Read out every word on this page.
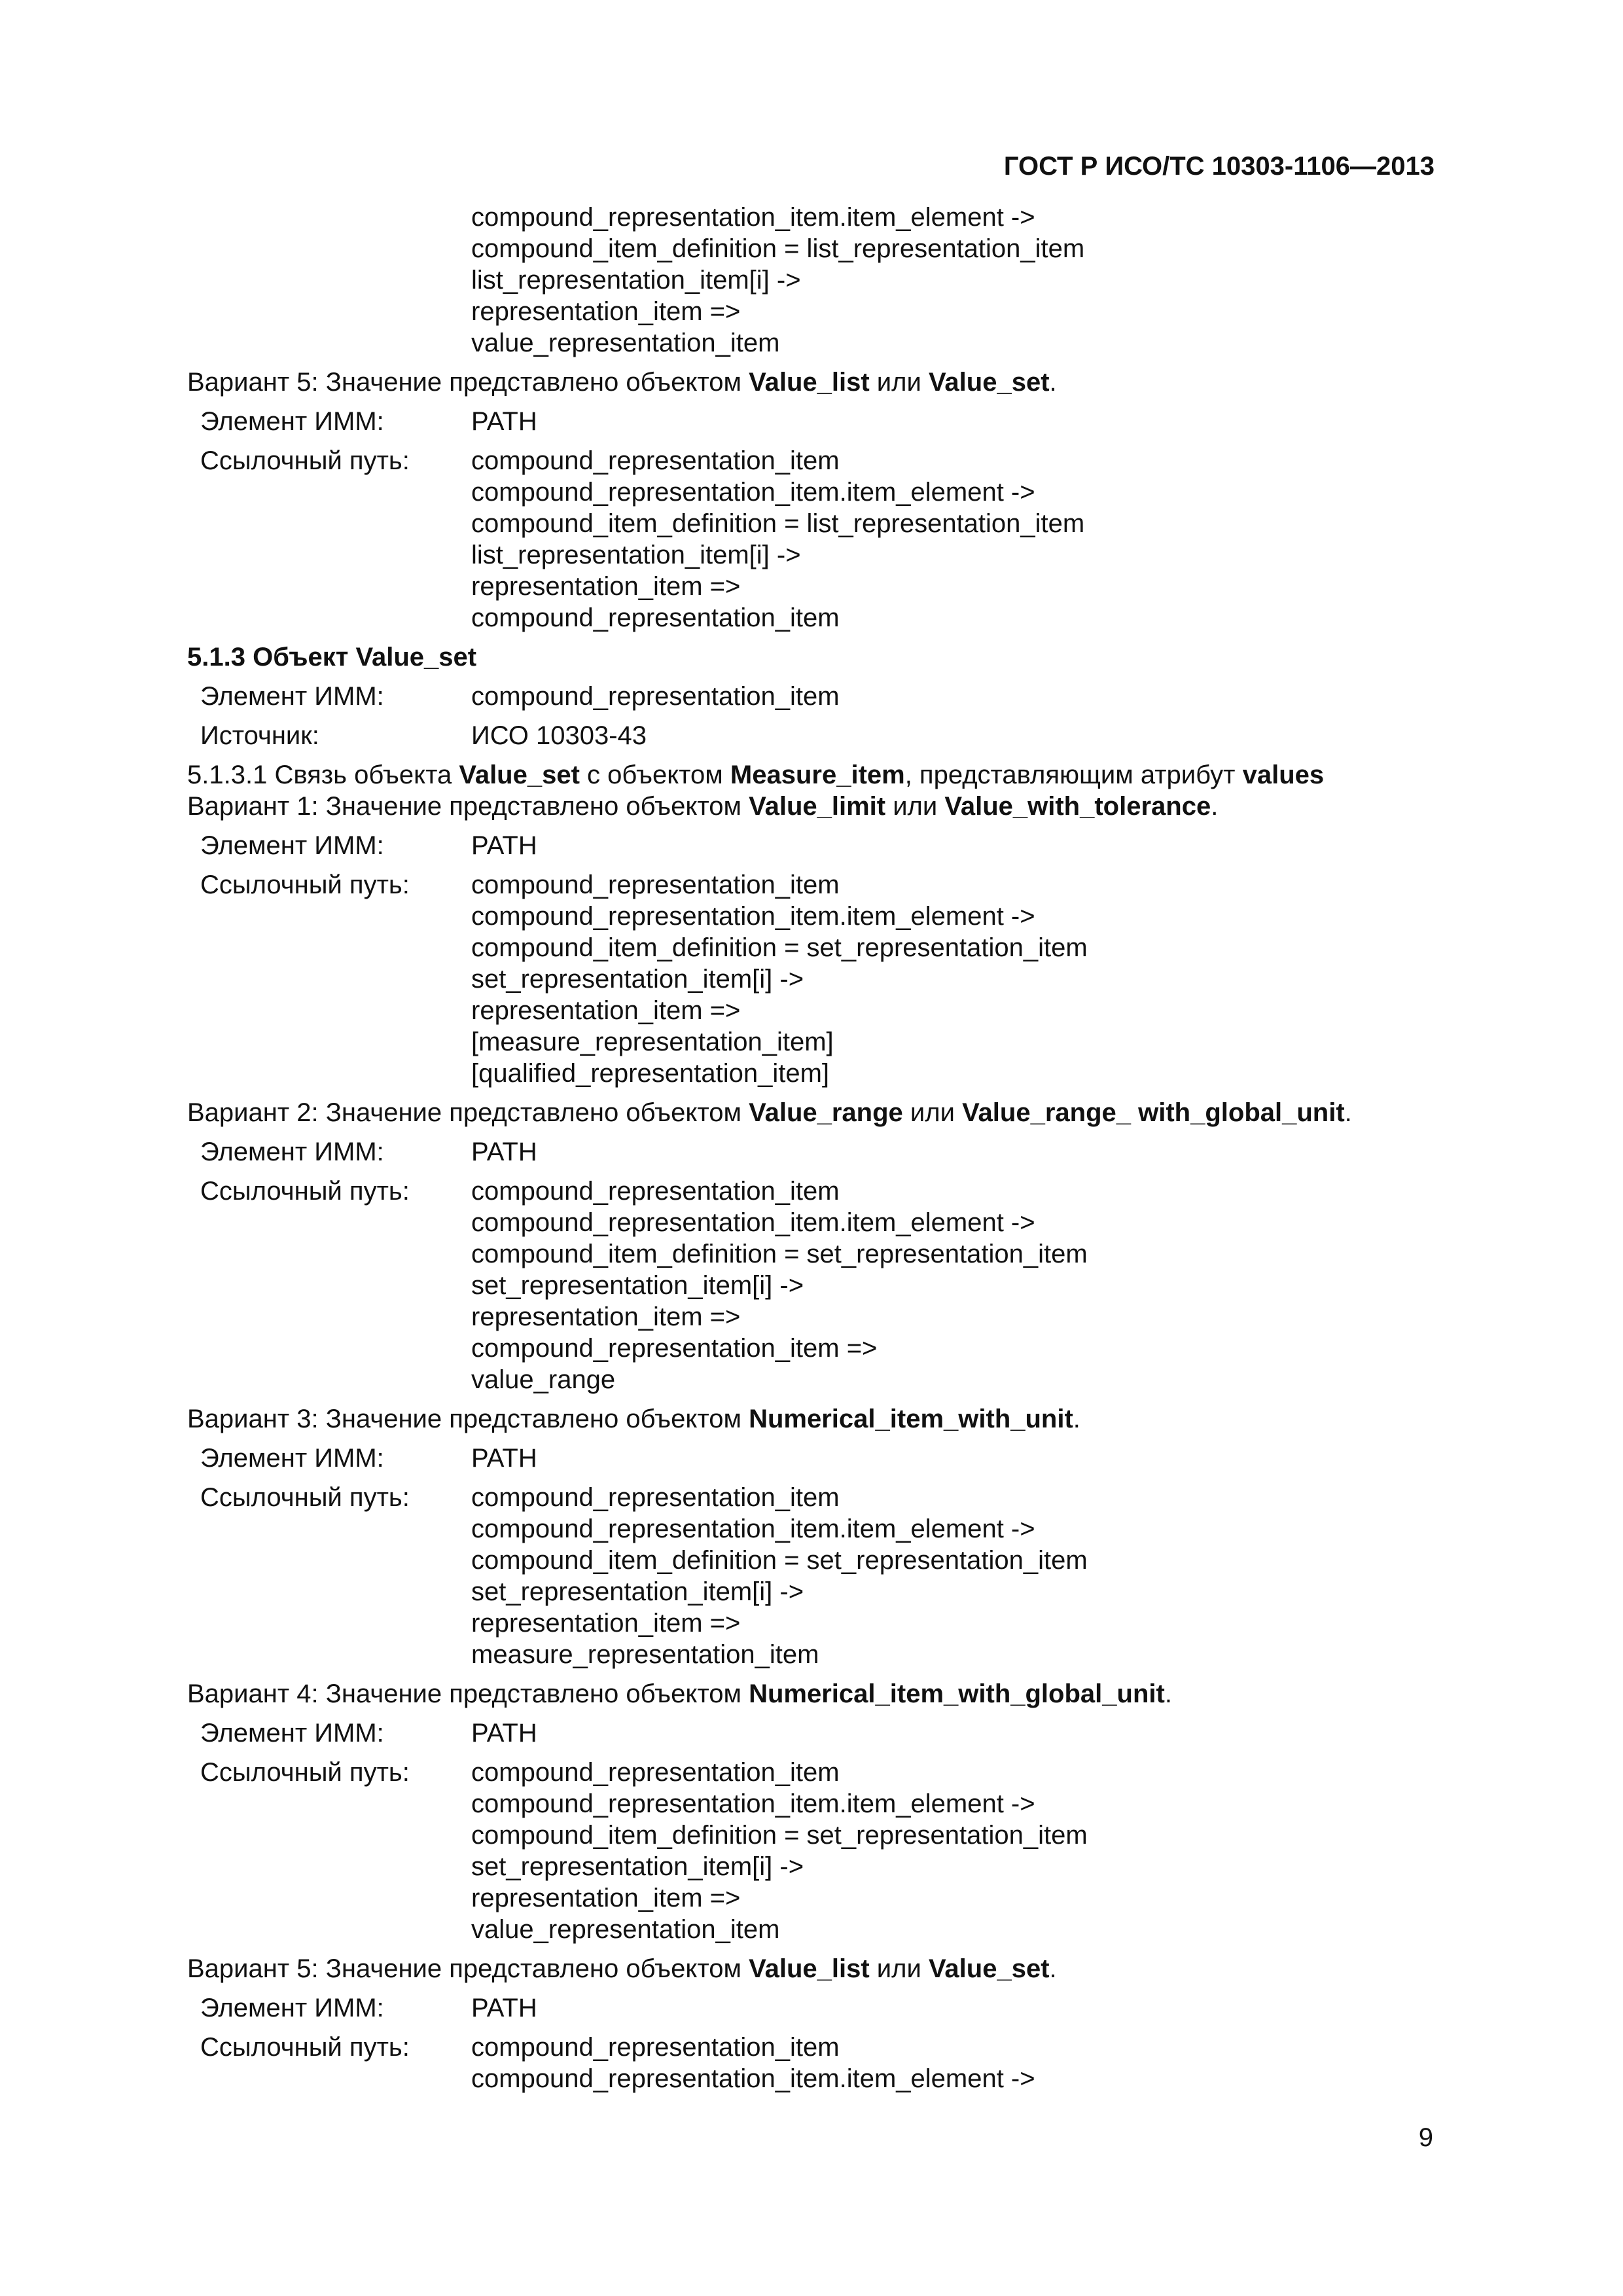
ГОСТ Р ИСО/ТС 10303-1106—2013
compound_representation_item.item_element ->
compound_item_definition = list_representation_item
list_representation_item[i] ->
representation_item =>
value_representation_item
Вариант 5: Значение представлено объектом Value_list или Value_set.
Элемент ИММ:	PATH
Ссылочный путь:	compound_representation_item
compound_representation_item.item_element ->
compound_item_definition = list_representation_item
list_representation_item[i] ->
representation_item =>
compound_representation_item
5.1.3 Объект Value_set
Элемент ИММ:	compound_representation_item
Источник:	ИСО 10303-43
5.1.3.1 Связь объекта Value_set с объектом Measure_item, представляющим атрибут values
Вариант 1: Значение представлено объектом Value_limit или Value_with_tolerance.
Элемент ИММ:	PATH
Ссылочный путь:	compound_representation_item
compound_representation_item.item_element ->
compound_item_definition = set_representation_item
set_representation_item[i] ->
representation_item =>
[measure_representation_item]
[qualified_representation_item]
Вариант 2: Значение представлено объектом Value_range или Value_range_ with_global_unit.
Элемент ИММ:	PATH
Ссылочный путь:	compound_representation_item
compound_representation_item.item_element ->
compound_item_definition = set_representation_item
set_representation_item[i] ->
representation_item =>
compound_representation_item =>
value_range
Вариант 3: Значение представлено объектом Numerical_item_with_unit.
Элемент ИММ:	PATH
Ссылочный путь:	compound_representation_item
compound_representation_item.item_element ->
compound_item_definition = set_representation_item
set_representation_item[i] ->
representation_item =>
measure_representation_item
Вариант 4: Значение представлено объектом Numerical_item_with_global_unit.
Элемент ИММ:	PATH
Ссылочный путь:	compound_representation_item
compound_representation_item.item_element ->
compound_item_definition = set_representation_item
set_representation_item[i] ->
representation_item =>
value_representation_item
Вариант 5: Значение представлено объектом Value_list или Value_set.
Элемент ИММ:	PATH
Ссылочный путь:	compound_representation_item
compound_representation_item.item_element ->
9
